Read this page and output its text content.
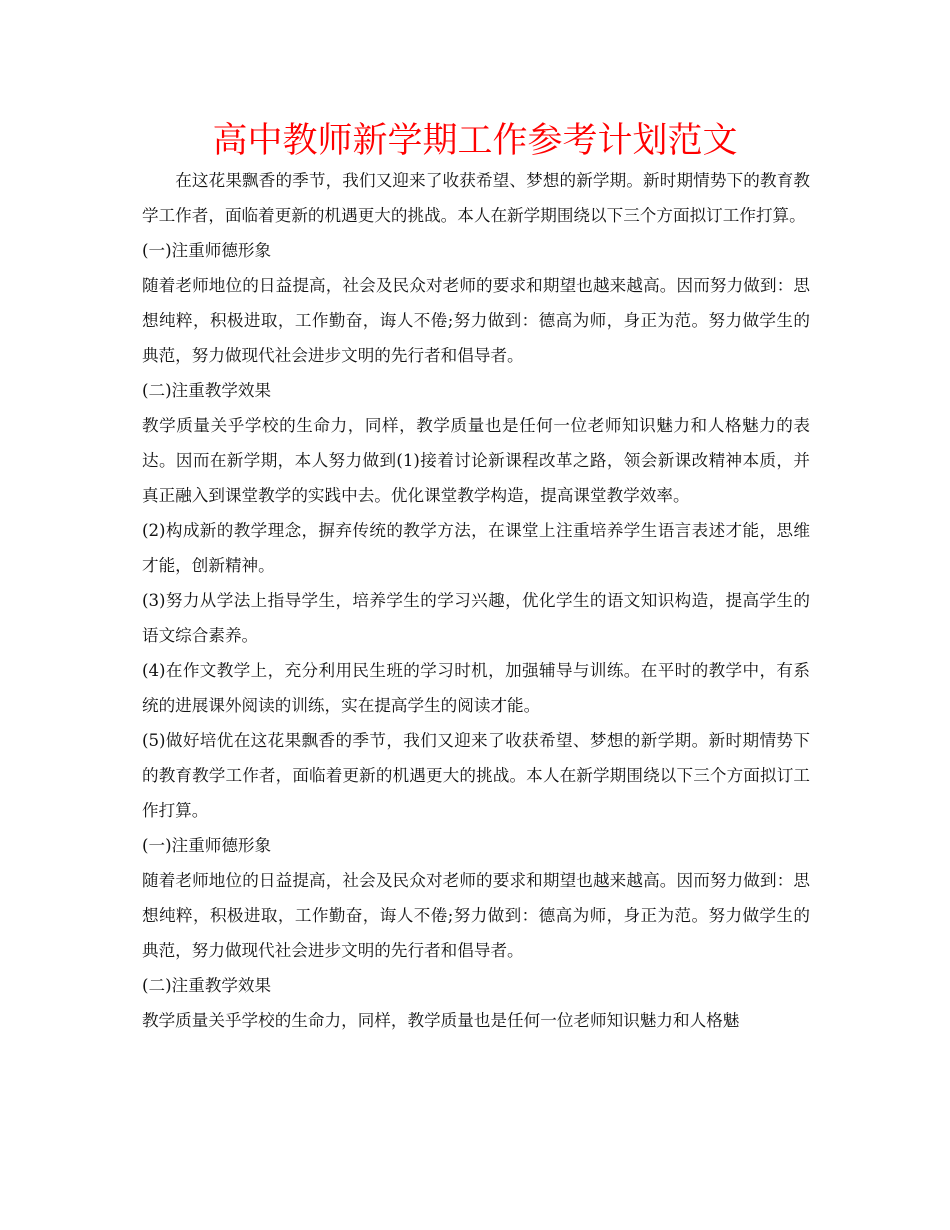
高中教师新学期工作参考计划范文

在这花果飘香的季节，我们又迎来了收获希望、梦想的新学期。新时期情势下的教育教学工作者，面临着更新的机遇更大的挑战。本人在新学期围绕以下三个方面拟订工作打算。

(一)注重师德形象

随着老师地位的日益提高，社会及民众对老师的要求和期望也越来越高。因而努力做到：思想纯粹，积极进取，工作勤奋，诲人不倦;努力做到：德高为师，身正为范。努力做学生的典范，努力做现代社会进步文明的先行者和倡导者。

(二)注重教学效果

教学质量关乎学校的生命力，同样，教学质量也是任何一位老师知识魅力和人格魅力的表达。因而在新学期，本人努力做到(1)接着讨论新课程改革之路，领会新课改精神本质，并真正融入到课堂教学的实践中去。优化课堂教学构造，提高课堂教学效率。

(2)构成新的教学理念，摒弃传统的教学方法，在课堂上注重培养学生语言表述才能，思维才能，创新精神。

(3)努力从学法上指导学生，培养学生的学习兴趣，优化学生的语文知识构造，提高学生的语文综合素养。

(4)在作文教学上，充分利用民生班的学习时机，加强辅导与训练。在平时的教学中，有系统的进展课外阅读的训练，实在提高学生的阅读才能。

(5)做好培优在这花果飘香的季节，我们又迎来了收获希望、梦想的新学期。新时期情势下的教育教学工作者，面临着更新的机遇更大的挑战。本人在新学期围绕以下三个方面拟订工作打算。

(一)注重师德形象

随着老师地位的日益提高，社会及民众对老师的要求和期望也越来越高。因而努力做到：思想纯粹，积极进取，工作勤奋，诲人不倦;努力做到：德高为师，身正为范。努力做学生的典范，努力做现代社会进步文明的先行者和倡导者。

(二)注重教学效果

教学质量关乎学校的生命力，同样，教学质量也是任何一位老师知识魅力和人格魅
